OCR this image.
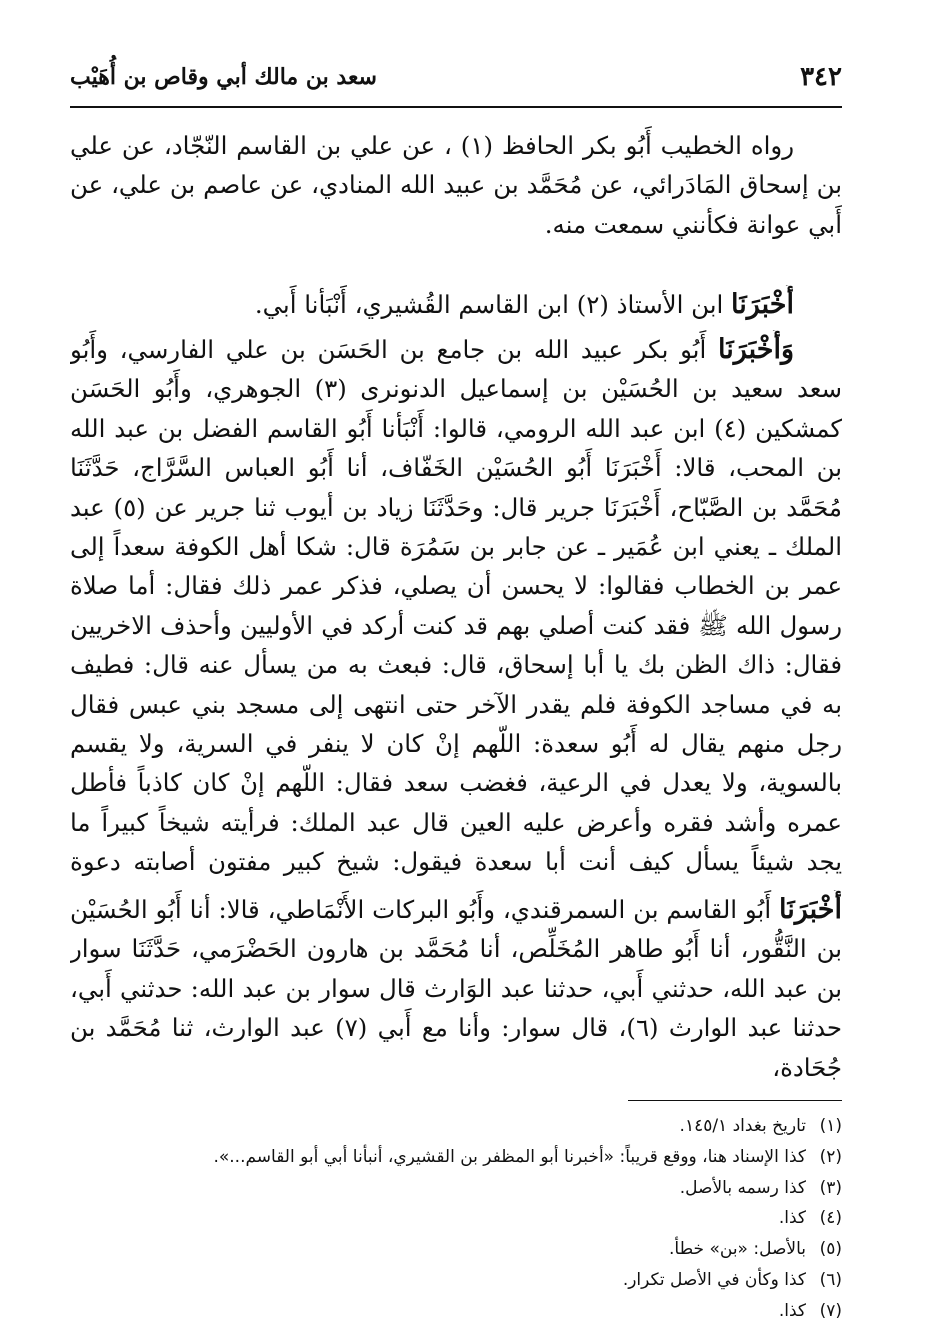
٣٤٢
سعد بن مالك أبي وقاص بن أُهَيْب

رواه الخطيب أَبُو بكر الحافظ (١) ، عن علي بن القاسم النّجّاد، عن علي بن إسحاق المَادَرائي، عن مُحَمَّد بن عبيد الله المنادي، عن عاصم بن علي، عن أَبي عوانة فكأنني سمعت منه.

أَخْبَرَنَا ابن الأستاذ (٢) ابن القاسم القُشيري، أَنْبَأنا أَبي.

وَأَخْبَرَنَا أَبُو بكر عبيد الله بن جامع بن الحَسَن بن علي الفارسي، وأَبُو سعد سعيد بن الحُسَيْن بن إسماعيل الدنونرى (٣) الجوهري، وأَبُو الحَسَن كمشكين (٤) ابن عبد الله الرومي، قالوا: أَنْبَأنا أَبُو القاسم الفضل بن عبد الله بن المحب، قالا: أَخْبَرَنَا أَبُو الحُسَيْن الخَفّاف، أنا أَبُو العباس السَّرَّاج، حَدَّثَنَا مُحَمَّد بن الصَّبّاح، أَخْبَرَنَا جرير قال: وحَدَّثَنَا زياد بن أيوب ثنا جرير عن (٥) عبد الملك ـ يعني ابن عُمَير ـ عن جابر بن سَمُرَة قال: شكا أهل الكوفة سعداً إلى عمر بن الخطاب فقالوا: لا يحسن أن يصلي، فذكر عمر ذلك فقال: أما صلاة رسول الله ﷺ فقد كنت أصلي بهم قد كنت أركد في الأوليين وأحذف الاخريين فقال: ذاك الظن بك يا أبا إسحاق، قال: فبعث به من يسأل عنه قال: فطيف به في مساجد الكوفة فلم يقدر الآخر حتى انتهى إلى مسجد بني عبس فقال رجل منهم يقال له أَبُو سعدة: اللّهم إنْ كان لا ينفر في السرية، ولا يقسم بالسوية، ولا يعدل في الرعية، فغضب سعد فقال: اللّهم إنْ كان كاذباً فأطل عمره وأشد فقره وأعرض عليه العين قال عبد الملك: فرأيته شيخاً كبيراً ما يجد شيئاً يسأل كيف أنت أبا سعدة فيقول: شيخ كبير مفتون أصابته دعوة

أَخْبَرَنَا أَبُو القاسم بن السمرقندي، وأَبُو البركات الأَنْمَاطي، قالا: أنا أَبُو الحُسَيْن بن النَّقُّور، أنا أَبُو طاهر المُخَلِّص، أنا مُحَمَّد بن هارون الحَضْرَمي، حَدَّثَنَا سوار بن عبد الله، حدثني أَبي، حدثنا عبد الوَارث قال سوار بن عبد الله: حدثني أَبي، حدثنا عبد الوارث (٦)، قال سوار: وأنا مع أَبي (٧) عبد الوارث، ثنا مُحَمَّد بن جُحَادة،

(١)تاريخ بغداد ١٤٥/١.
(٢)كذا الإسناد هنا، ووقع قريباً: «أخبرنا أبو المظفر بن القشيري، أنبأنا أبي أبو القاسم...».
(٣)كذا رسمه بالأصل.
(٤)كذا.
(٥)بالأصل: «بن» خطأ.
(٦)كذا وكأن في الأصل تكرار.
(٧)كذا.
